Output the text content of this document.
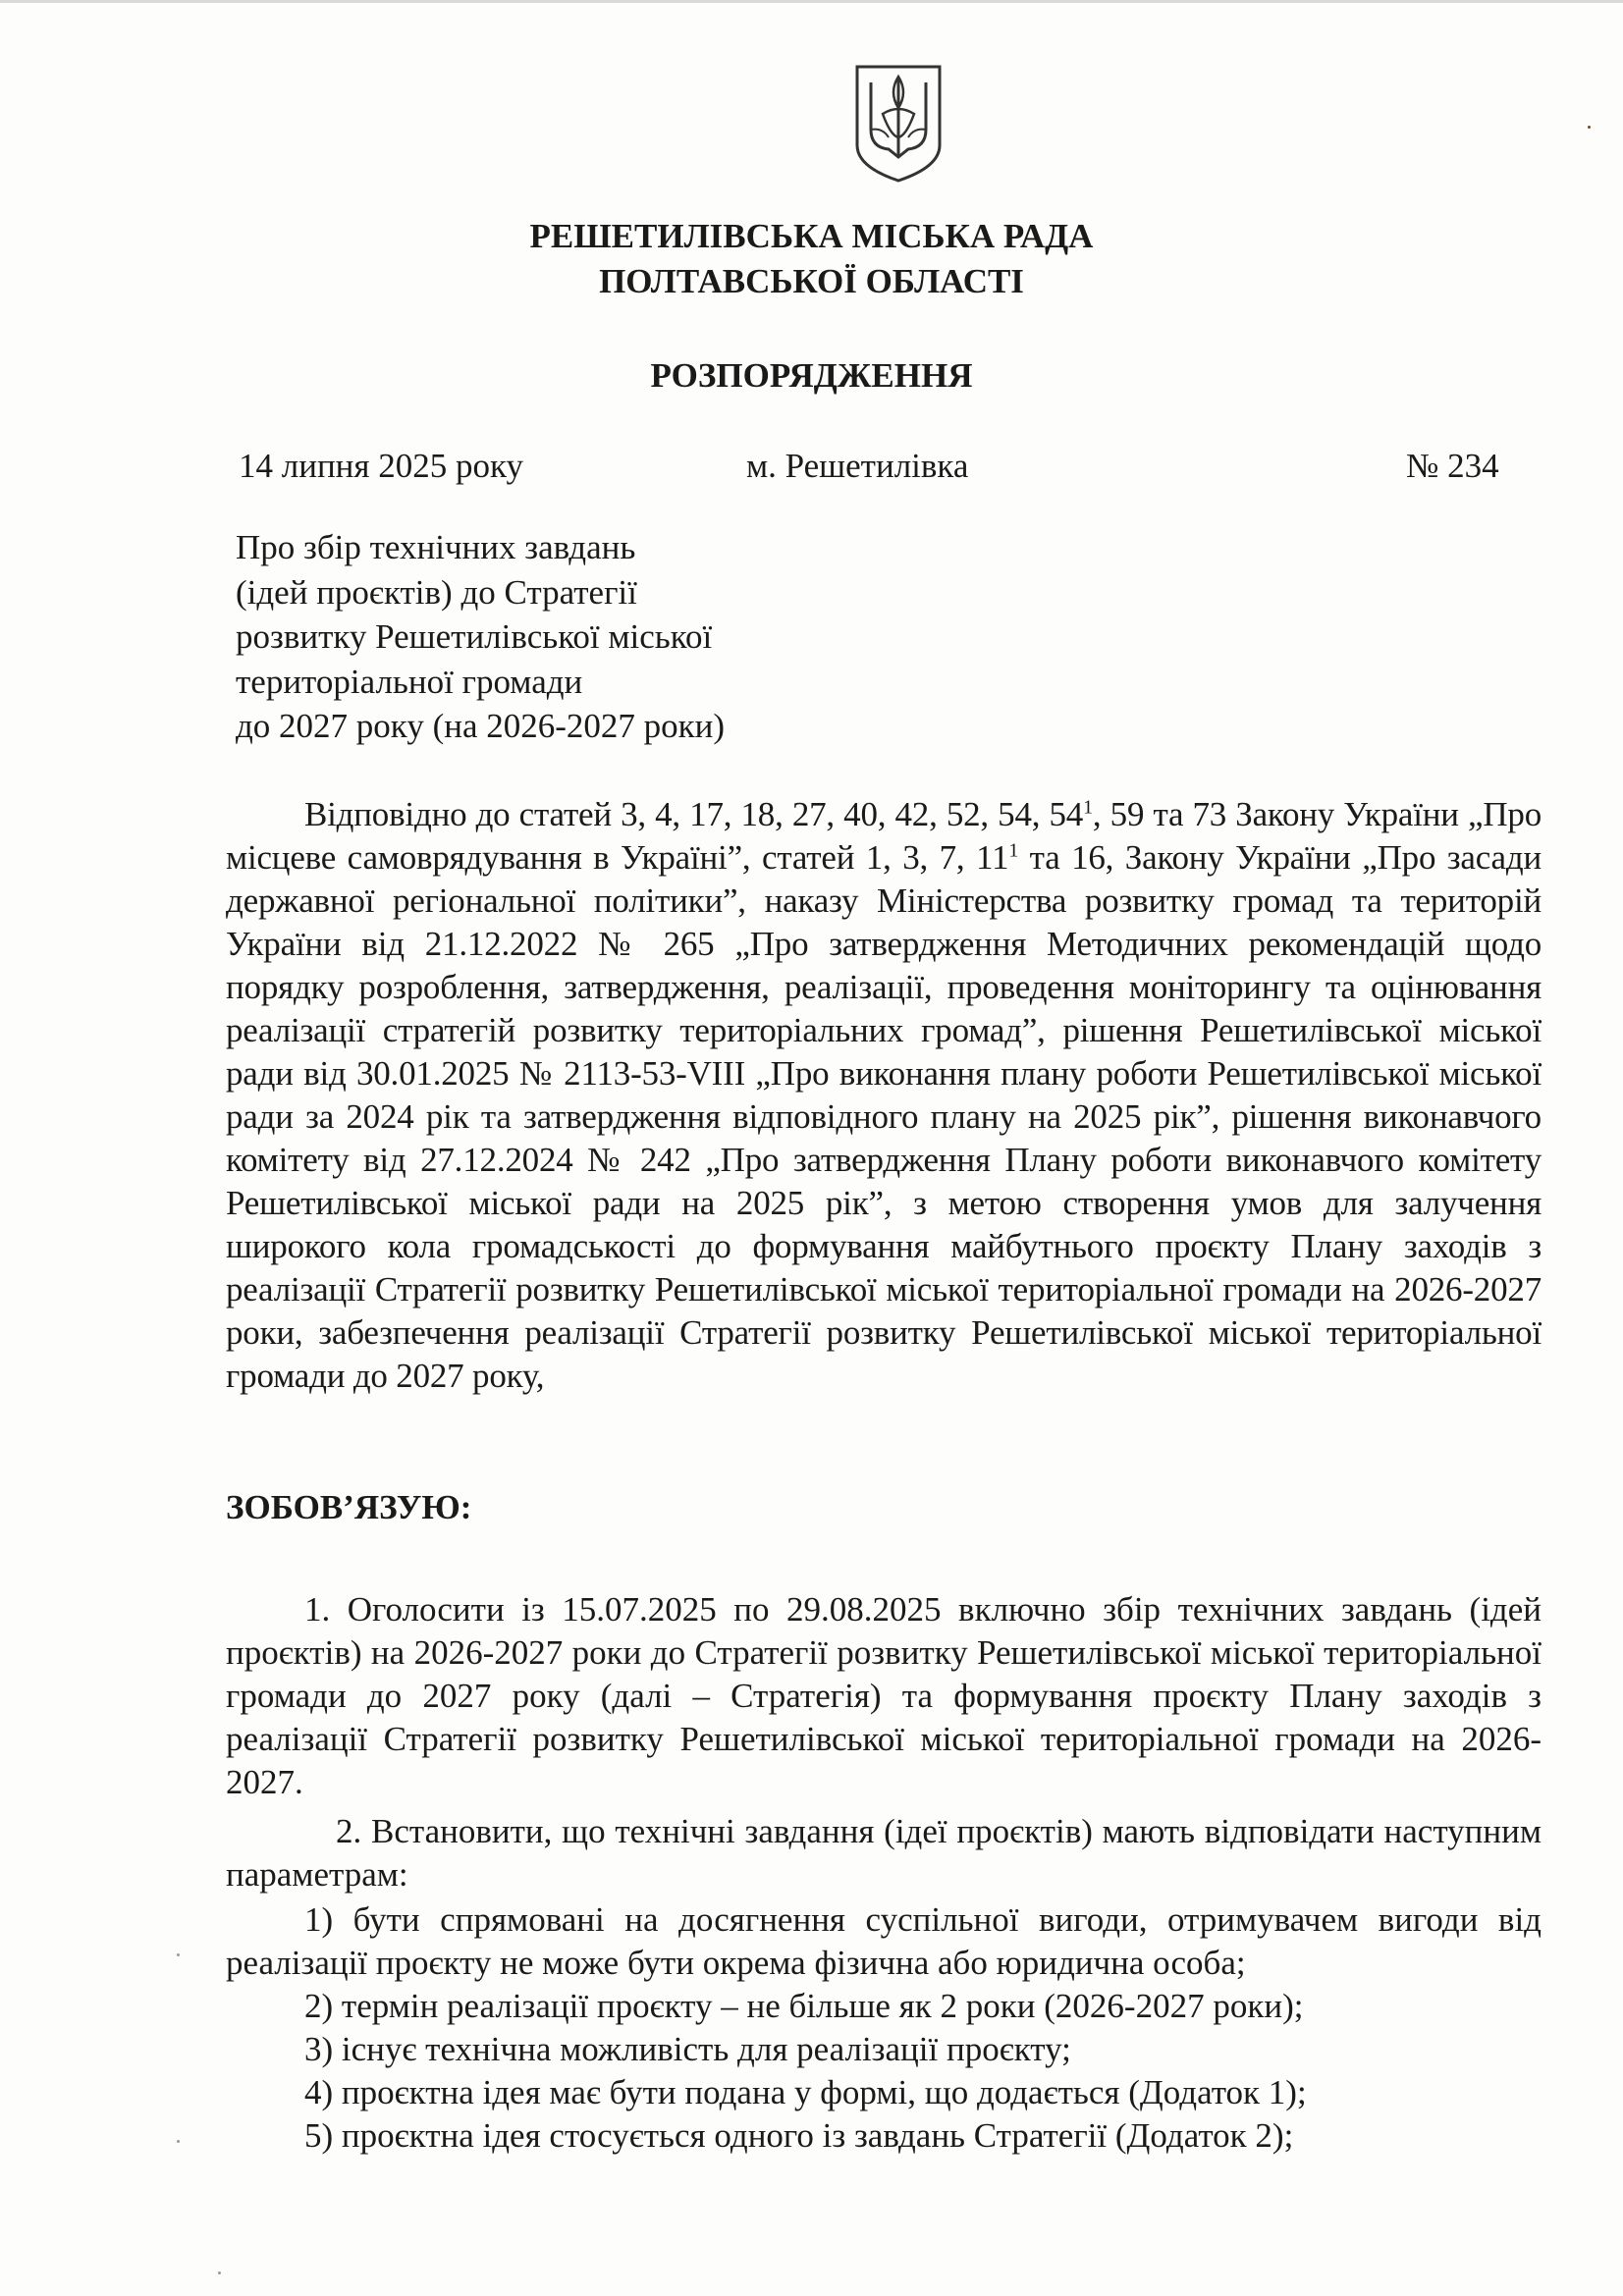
РЕШЕТИЛІВСЬКА МІСЬКА РАДА
ПОЛТАВСЬКОЇ ОБЛАСТІ
РОЗПОРЯДЖЕННЯ
14 липня 2025 року	м. Решетилівка	№ 234
Про збір технічних завдань
(ідей проєктів) до Стратегії
розвитку Решетилівської міської
територіальної громади
до 2027 року (на 2026-2027 роки)
Відповідно до статей 3, 4, 17, 18, 27, 40, 42, 52, 54, $54^1$, 59 та 73 Закону України „Про місцеве самоврядування в Україні”, статей 1, 3, 7, $11^1$ та 16, Закону України „Про засади державної регіональної політики”, наказу Міністерства розвитку громад та територій України від 21.12.2022 № 265 „Про затвердження Методичних рекомендацій щодо порядку розроблення, затвердження, реалізації, проведення моніторингу та оцінювання реалізації стратегій розвитку територіальних громад”, рішення Решетилівської міської ради від 30.01.2025 № 2113-53-VIII „Про виконання плану роботи Решетилівської міської ради за 2024 рік та затвердження відповідного плану на 2025 рік”, рішення виконавчого комітету від 27.12.2024 № 242 „Про затвердження Плану роботи виконавчого комітету Решетилівської міської ради на 2025 рік”, з метою створення умов для залучення широкого кола громадськості до формування майбутнього проєкту Плану заходів з реалізації Стратегії розвитку Решетилівської міської територіальної громади на 2026-2027 роки, забезпечення реалізації Стратегії розвитку Решетилівської міської територіальної громади до 2027 року,
ЗОБОВ’ЯЗУЮ:
1. Оголосити із 15.07.2025 по 29.08.2025 включно збір технічних завдань (ідей проєктів) на 2026-2027 роки до Стратегії розвитку Решетилівської міської територіальної громади до 2027 року (далі – Стратегія) та формування проєкту Плану заходів з реалізації Стратегії розвитку Решетилівської міської територіальної громади на 2026-2027.
2. Встановити, що технічні завдання (ідеї проєктів) мають відповідати наступним параметрам:
1) бути спрямовані на досягнення суспільної вигоди, отримувачем вигоди від реалізації проєкту не може бути окрема фізична або юридична особа;
2) термін реалізації проєкту – не більше як 2 роки (2026-2027 роки);
3) існує технічна можливість для реалізації проєкту;
4) проєктна ідея має бути подана у формі, що додається (Додаток 1);
5) проєктна ідея стосується одного із завдань Стратегії (Додаток 2);
